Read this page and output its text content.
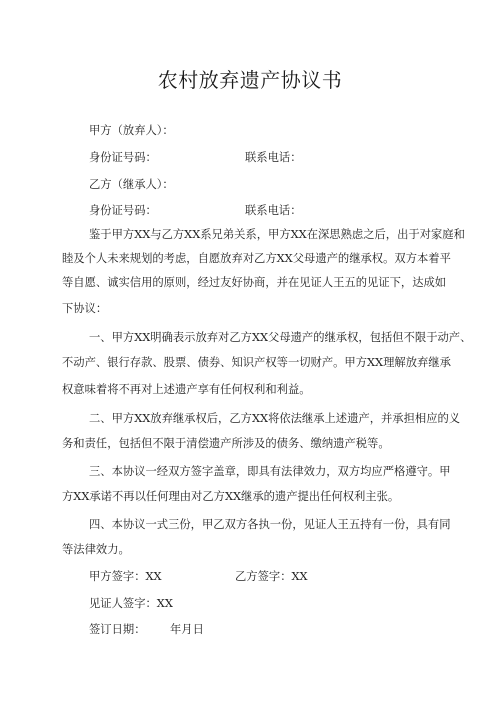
农村放弃遗产协议书
甲方（放弃人）：
身份证号码：	联系电话：
乙方（继承人）：
身份证号码：	联系电话：
鉴于甲方XX与乙方XX系兄弟关系，甲方XX在深思熟虑之后，出于对家庭和
睦及个人未来规划的考虑，自愿放弃对乙方XX父母遗产的继承权。双方本着平
等自愿、诚实信用的原则，经过友好协商，并在见证人王五的见证下，达成如
下协议：
一、甲方XX明确表示放弃对乙方XX父母遗产的继承权，包括但不限于动产、
不动产、银行存款、股票、债券、知识产权等一切财产。甲方XX理解放弃继承
权意味着将不再对上述遗产享有任何权利和利益。
二、甲方XX放弃继承权后，乙方XX将依法继承上述遗产，并承担相应的义
务和责任，包括但不限于清偿遗产所涉及的债务、缴纳遗产税等。
三、本协议一经双方签字盖章，即具有法律效力，双方均应严格遵守。甲
方XX承诺不再以任何理由对乙方XX继承的遗产提出任何权利主张。
四、本协议一式三份，甲乙双方各执一份，见证人王五持有一份，具有同
等法律效力。
甲方签字：XX	乙方签字：XX
见证人签字：XX
签订日期： 年月日
